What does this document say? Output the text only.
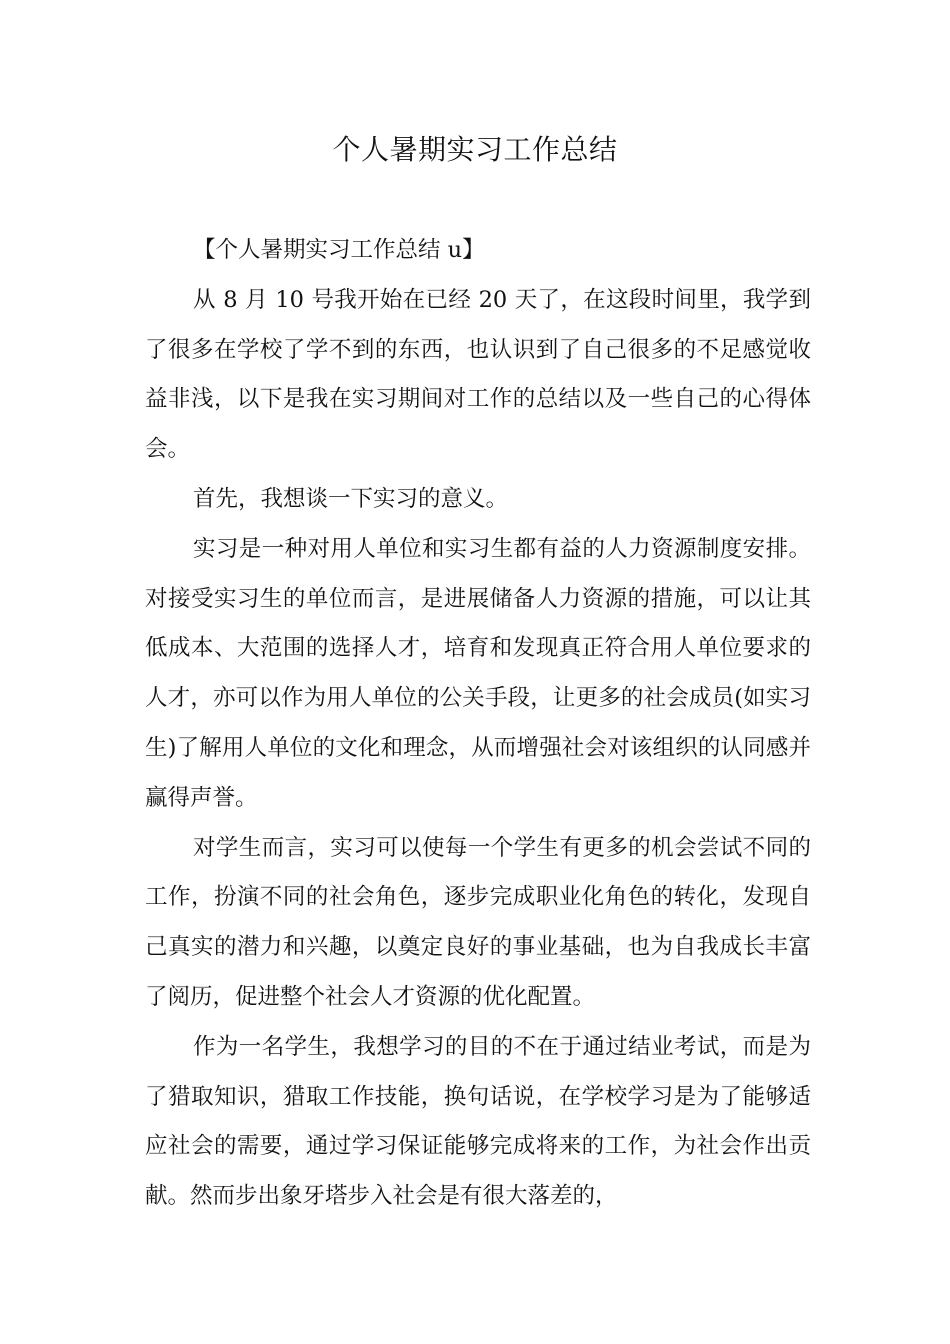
个人暑期实习工作总结

【个人暑期实习工作总结 u】

从 8 月 10 号我开始在已经 20 天了，在这段时间里，我学到了很多在学校了学不到的东西，也认识到了自己很多的不足感觉收益非浅，以下是我在实习期间对工作的总结以及一些自己的心得体会。

首先，我想谈一下实习的意义。

实习是一种对用人单位和实习生都有益的人力资源制度安排。对接受实习生的单位而言，是进展储备人力资源的措施，可以让其低成本、大范围的选择人才，培育和发现真正符合用人单位要求的人才，亦可以作为用人单位的公关手段，让更多的社会成员(如实习生)了解用人单位的文化和理念，从而增强社会对该组织的认同感并赢得声誉。

对学生而言，实习可以使每一个学生有更多的机会尝试不同的工作，扮演不同的社会角色，逐步完成职业化角色的转化，发现自己真实的潜力和兴趣，以奠定良好的事业基础，也为自我成长丰富了阅历，促进整个社会人才资源的优化配置。

作为一名学生，我想学习的目的不在于通过结业考试，而是为了猎取知识，猎取工作技能，换句话说，在学校学习是为了能够适应社会的需要，通过学习保证能够完成将来的工作，为社会作出贡献。然而步出象牙塔步入社会是有很大落差的，
